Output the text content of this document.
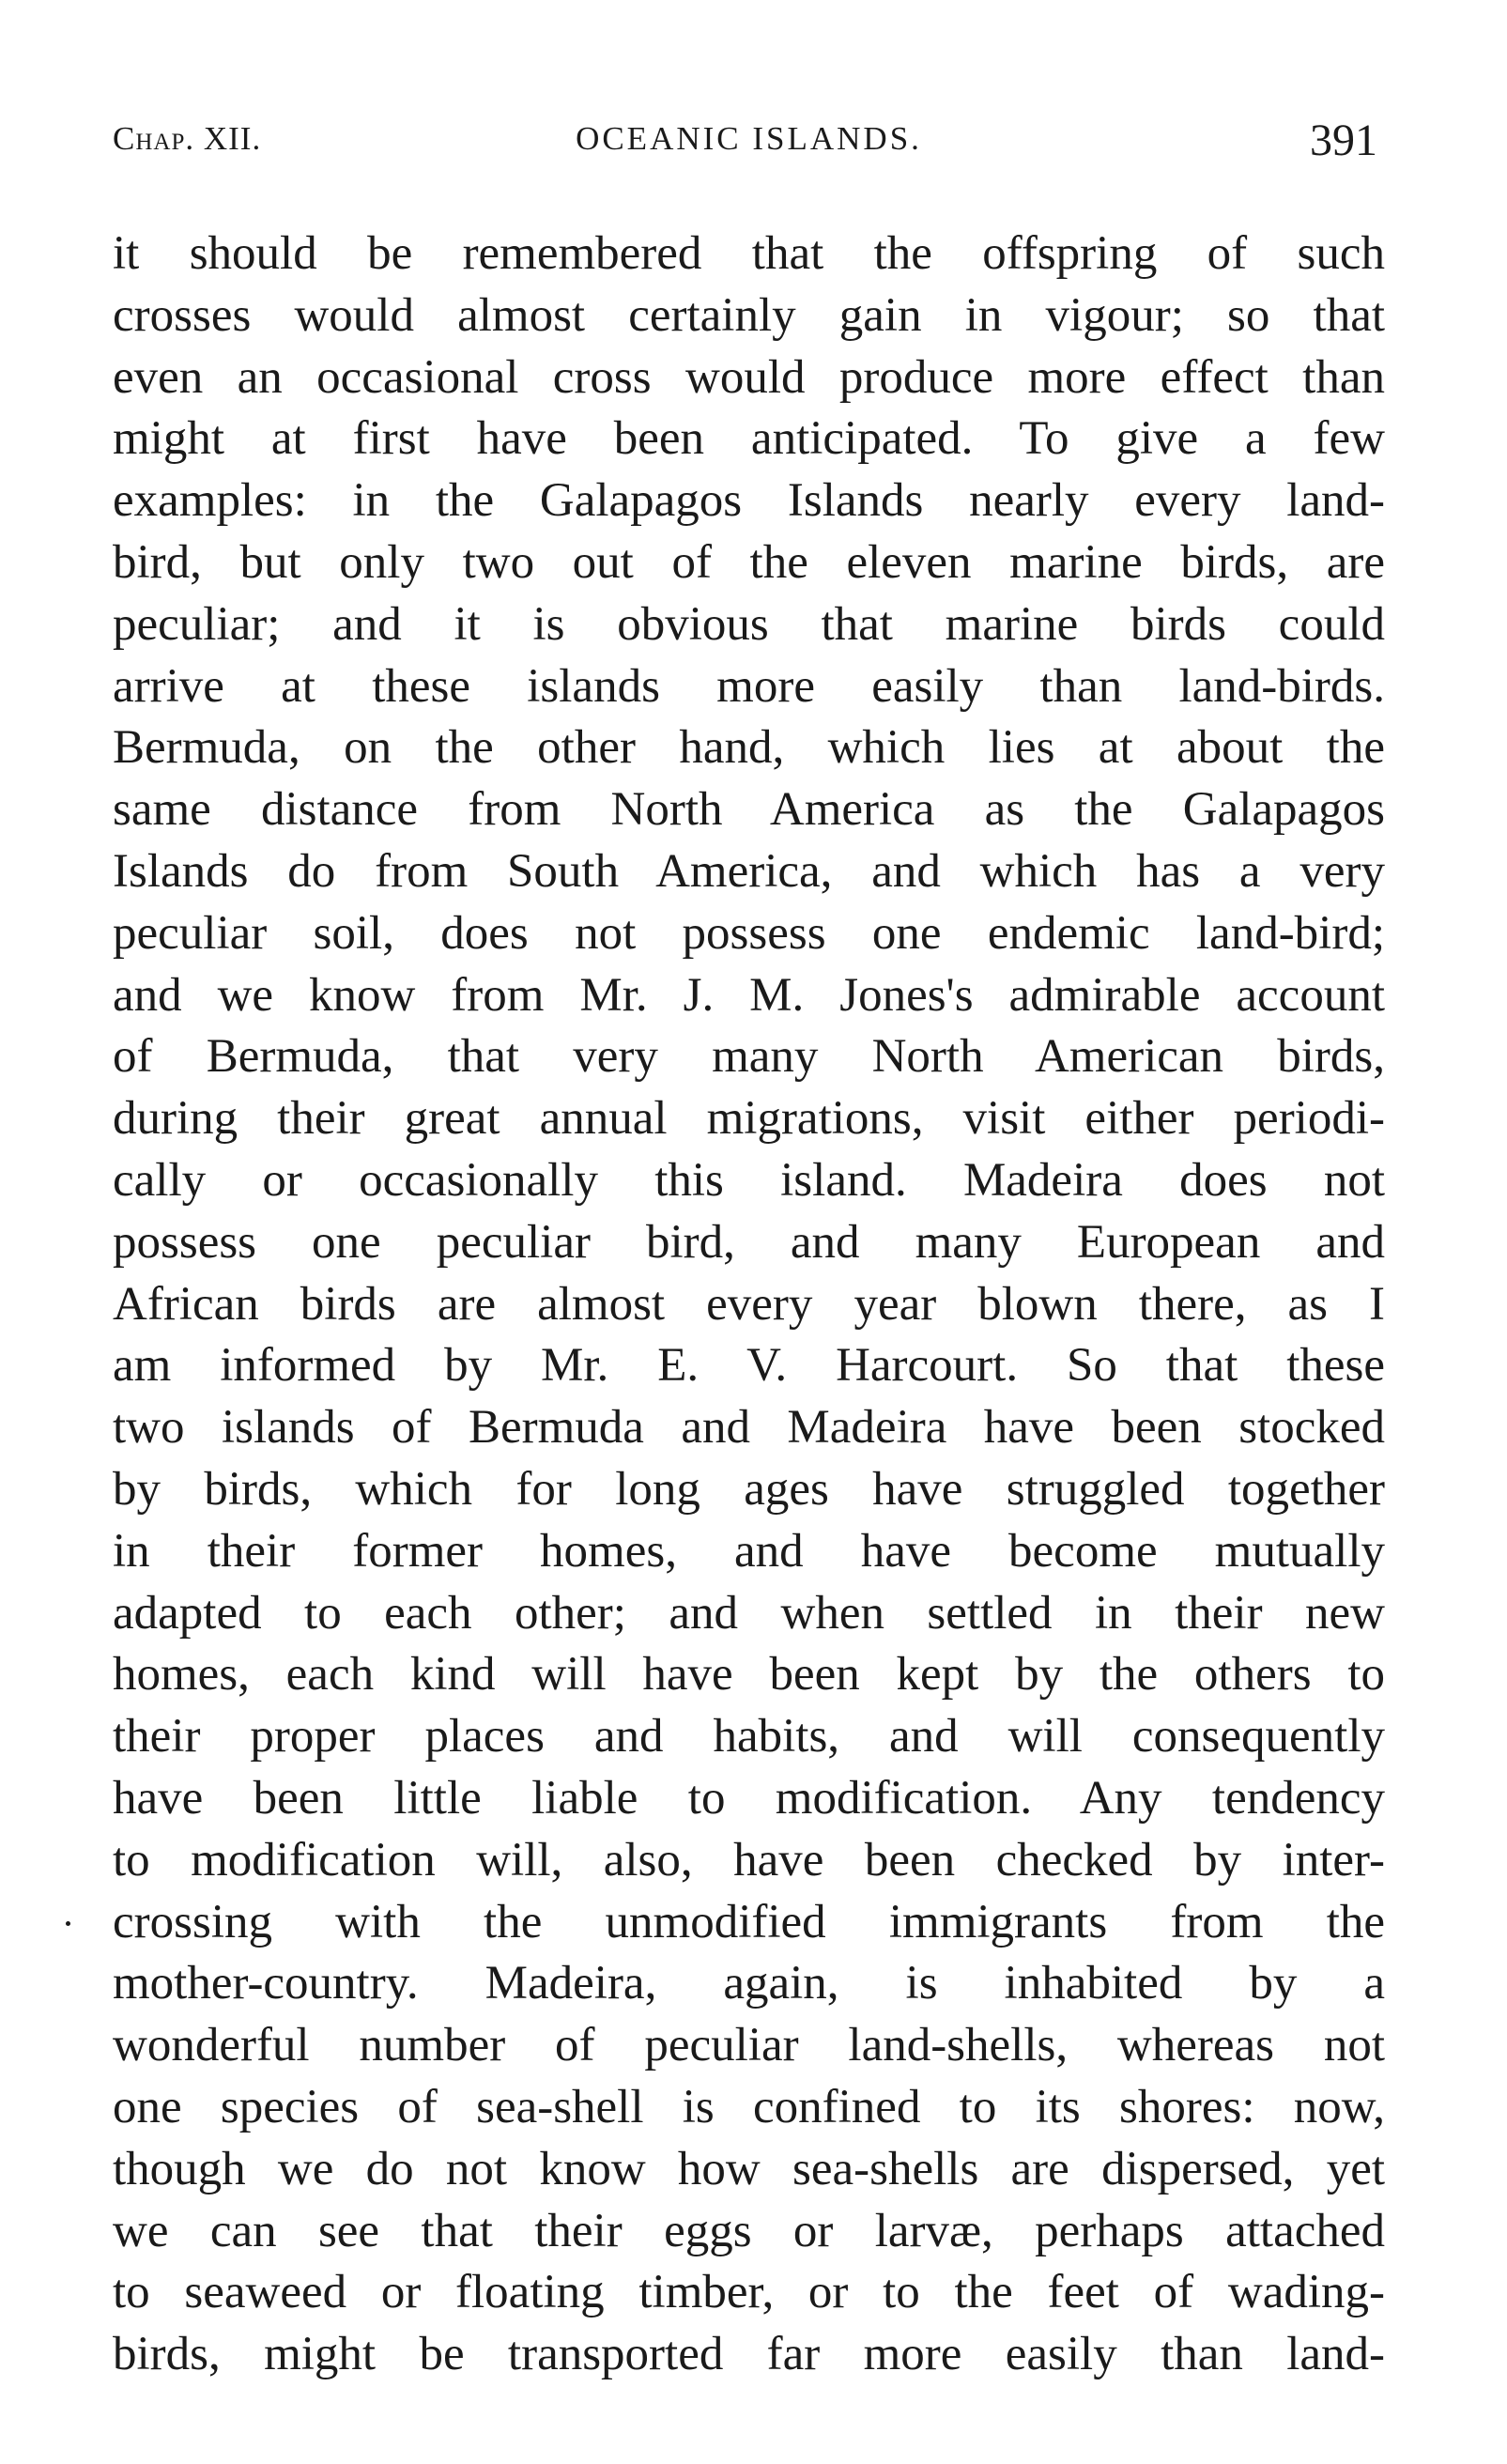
Chap. XII.	OCEANIC ISLANDS.	391
it should be remembered that the offspring of such
crosses would almost certainly gain in vigour; so that
even an occasional cross would produce more effect than
might at first have been anticipated. To give a few
examples: in the Galapagos Islands nearly every land-
bird, but only two out of the eleven marine birds, are
peculiar; and it is obvious that marine birds could
arrive at these islands more easily than land-birds.
Bermuda, on the other hand, which lies at about the
same distance from North America as the Galapagos
Islands do from South America, and which has a very
peculiar soil, does not possess one endemic land-bird;
and we know from Mr. J. M. Jones's admirable account
of Bermuda, that very many North American birds,
during their great annual migrations, visit either periodi-
cally or occasionally this island. Madeira does not
possess one peculiar bird, and many European and
African birds are almost every year blown there, as I
am informed by Mr. E. V. Harcourt. So that these
two islands of Bermuda and Madeira have been stocked
by birds, which for long ages have struggled together
in their former homes, and have become mutually
adapted to each other; and when settled in their new
homes, each kind will have been kept by the others to
their proper places and habits, and will consequently
have been little liable to modification. Any tendency
to modification will, also, have been checked by inter-
crossing with the unmodified immigrants from the
mother-country. Madeira, again, is inhabited by a
wonderful number of peculiar land-shells, whereas not
one species of sea-shell is confined to its shores: now,
though we do not know how sea-shells are dispersed, yet
we can see that their eggs or larvæ, perhaps attached
to seaweed or floating timber, or to the feet of wading-
birds, might be transported far more easily than land-
